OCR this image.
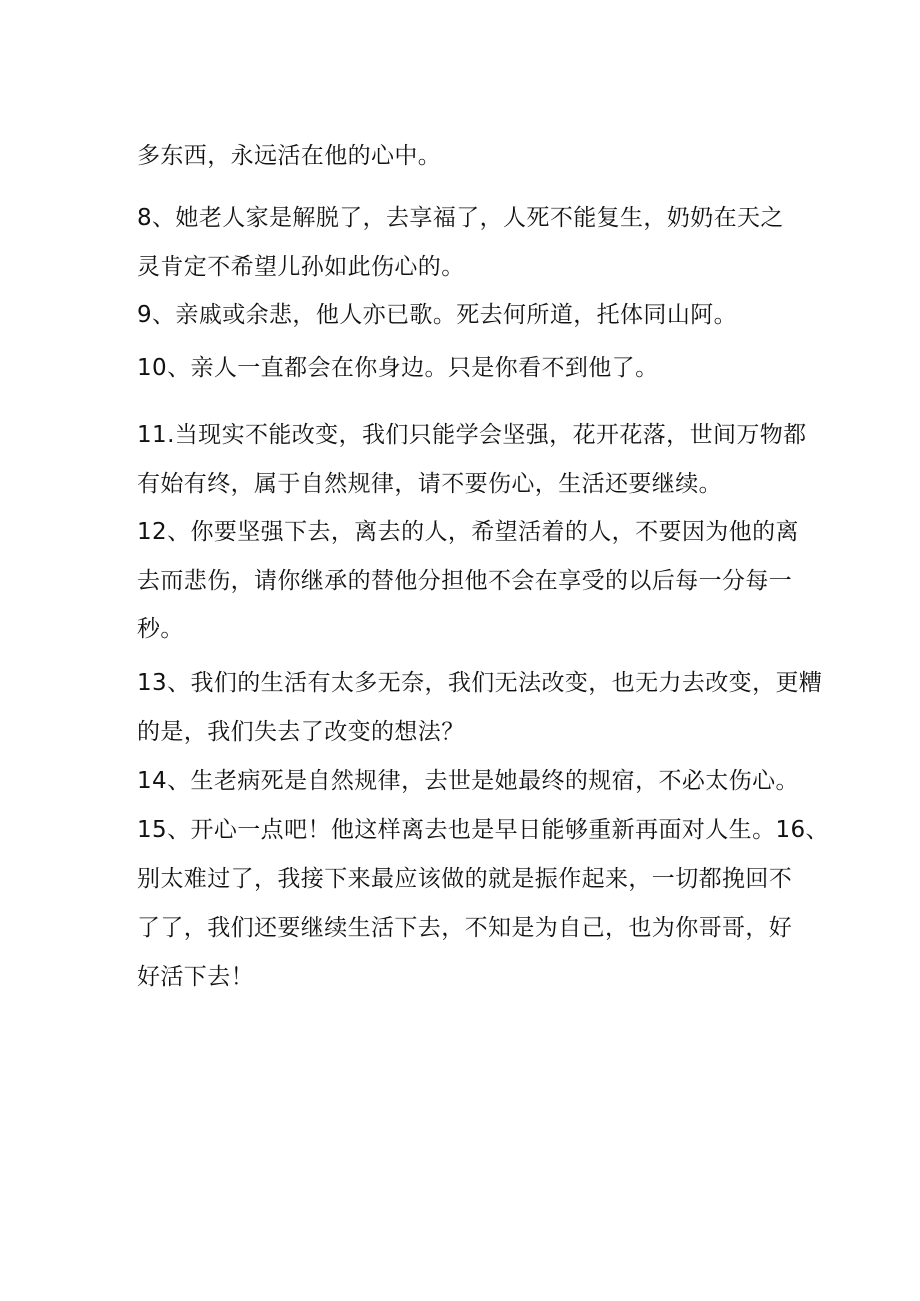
多东西，永远活在他的心中。
8、她老人家是解脱了，去享福了，人死不能复生，奶奶在天之
灵肯定不希望儿孙如此伤心的。
9、亲戚或余悲，他人亦已歌。死去何所道，托体同山阿。
10、亲人一直都会在你身边。只是你看不到他了。
11.当现实不能改变，我们只能学会坚强，花开花落，世间万物都
有始有终，属于自然规律，请不要伤心，生活还要继续。
12、你要坚强下去，离去的人，希望活着的人，不要因为他的离
去而悲伤，请你继承的替他分担他不会在享受的以后每一分每一
秒。
13、我们的生活有太多无奈，我们无法改变，也无力去改变，更糟
的是，我们失去了改变的想法？
14、生老病死是自然规律，去世是她最终的规宿，不必太伤心。
15、开心一点吧！他这样离去也是早日能够重新再面对人生。16、
别太难过了，我接下来最应该做的就是振作起来，一切都挽回不
了了，我们还要继续生活下去，不知是为自己，也为你哥哥，好
好活下去！
